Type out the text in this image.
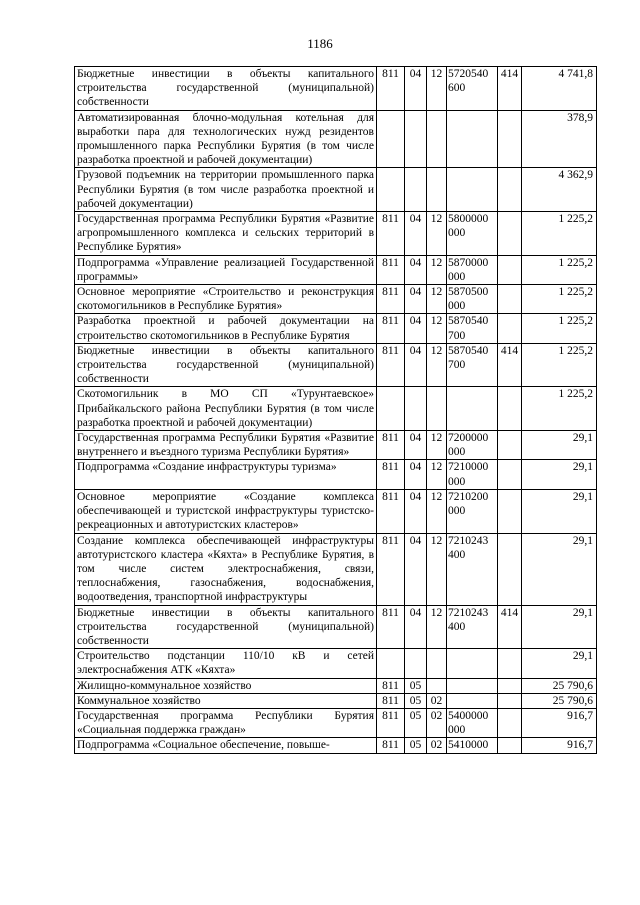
1186
Бюджетные инвестиции в объекты капитального строительства государственной (муниципальной) собственности	811	04	12	5720540 600	414	4 741,8
Автоматизированная блочно-модульная котельная для выработки пара для технологических нужд резидентов промышленного парка Республики Бурятия (в том числе разработка проектной и рабочей документации)						378,9
Грузовой подъемник на территории промышленного парка Республики Бурятия (в том числе разработка проектной и рабочей документации)						4 362,9
Государственная программа Республики Бурятия «Развитие агропромышленного комплекса и сельских территорий в Республике Бурятия»	811	04	12	5800000 000		1 225,2
Подпрограмма «Управление реализацией Государственной программы»	811	04	12	5870000 000		1 225,2
Основное мероприятие «Строительство и реконструкция скотомогильников в Республике Бурятия»	811	04	12	5870500 000		1 225,2
Разработка проектной и рабочей документации на строительство скотомогильников в Республике Бурятия	811	04	12	5870540 700		1 225,2
Бюджетные инвестиции в объекты капитального строительства государственной (муниципальной) собственности	811	04	12	5870540 700	414	1 225,2
Скотомогильник в МО СП «Турунтаевское» Прибайкальского района Республики Бурятия (в том числе разработка проектной и рабочей документации)						1 225,2
Государственная программа Республики Бурятия «Развитие внутреннего и въездного туризма Республики Бурятия»	811	04	12	7200000 000		29,1
Подпрограмма «Создание инфраструктуры туризма»	811	04	12	7210000 000		29,1
Основное мероприятие «Создание комплекса обеспечивающей и туристской инфраструктуры туристско-рекреационных и автотуристских кластеров»	811	04	12	7210200 000		29,1
Создание комплекса обеспечивающей инфраструктуры автотуристского кластера «Кяхта» в Республике Бурятия, в том числе систем электроснабжения, связи, теплоснабжения, газоснабжения, водоснабжения, водоотведения, транспортной инфраструктуры	811	04	12	7210243 400		29,1
Бюджетные инвестиции в объекты капитального строительства государственной (муниципальной) собственности	811	04	12	7210243 400	414	29,1
Строительство подстанции 110/10 кВ и сетей электроснабжения АТК «Кяхта»						29,1
Жилищно-коммунальное хозяйство	811	05				25 790,6
Коммунальное хозяйство	811	05	02			25 790,6
Государственная программа Республики Бурятия «Социальная поддержка граждан»	811	05	02	5400000 000		916,7
Подпрограмма «Социальное обеспечение, повыше-	811	05	02	5410000		916,7
